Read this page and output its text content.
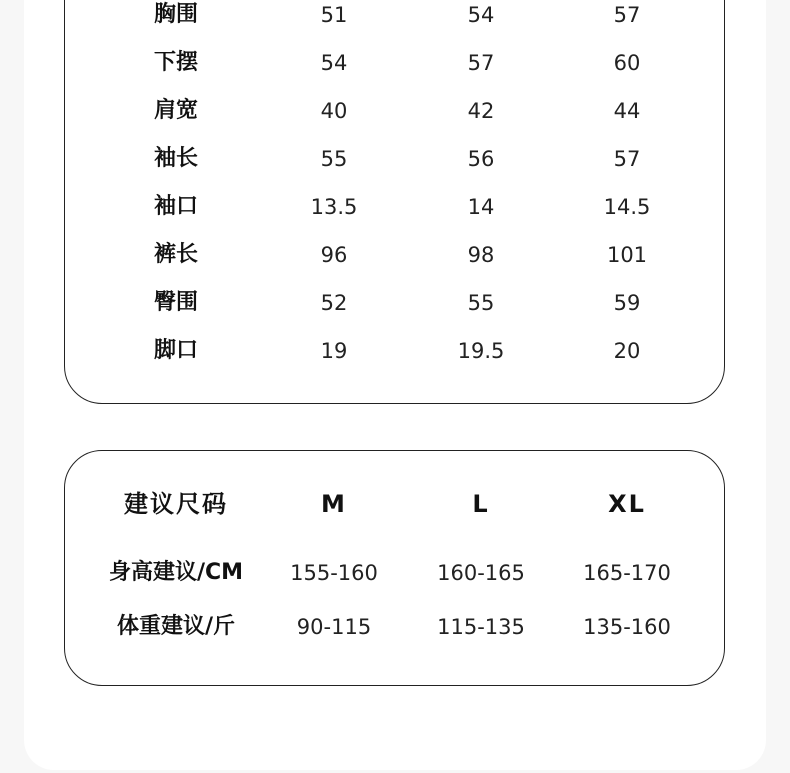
胸围	51	54	57
下摆	54	57	60
肩宽	40	42	44
袖长	55	56	57
袖口	13.5	14	14.5
裤长	96	98	101
臀围	52	55	59
脚口	19	19.5	20
建议尺码	M	L	XL
身高建议/CM 155-160	160-165	165-170
体重建议/斤	90-115	115-135	135-160
